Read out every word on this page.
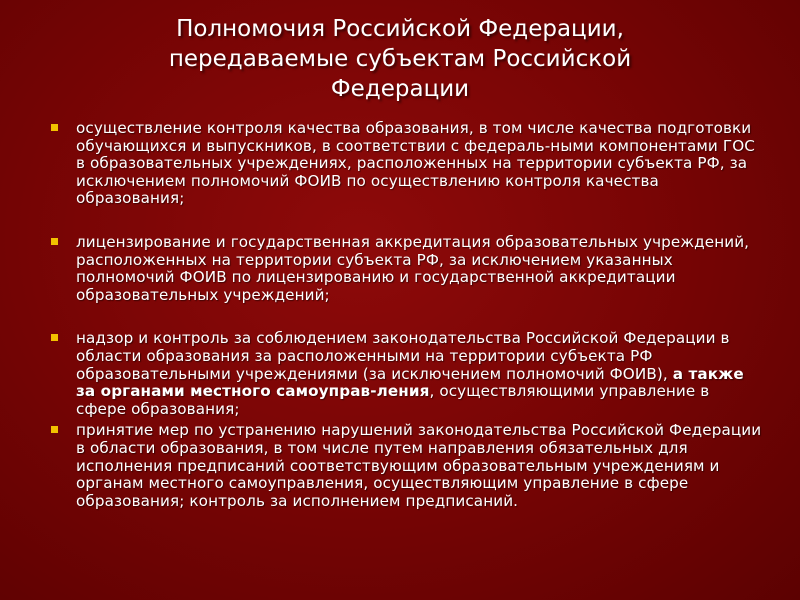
Полномочия Российской Федерации,
передаваемые субъектам Российской
Федерации
осуществление контроля качества образования, в том числе качества подготовки обучающихся и выпускников, в соответствии с федераль-ными компонентами ГОС в образовательных учреждениях, расположенных на территории субъекта РФ, за исключением полномочий ФОИВ по осуществлению контроля качества образования;
лицензирование и государственная аккредитация образовательных учреждений, расположенных на территории субъекта РФ, за исключением указанных полномочий ФОИВ по лицензированию и государственной аккредитации образовательных учреждений;
надзор и контроль за соблюдением законодательства Российской Федерации в области образования за расположенными на территории субъекта РФ образовательными учреждениями (за исключением полномочий ФОИВ), а также за органами местного самоуправ-ления, осуществляющими управление в сфере образования;
принятие мер по устранению нарушений законодательства Российской Федерации в области образования, в том числе путем направления обязательных для исполнения предписаний соответствующим образовательным учреждениям и органам местного самоуправления, осуществляющим управление в сфере образования; контроль за исполнением предписаний.
